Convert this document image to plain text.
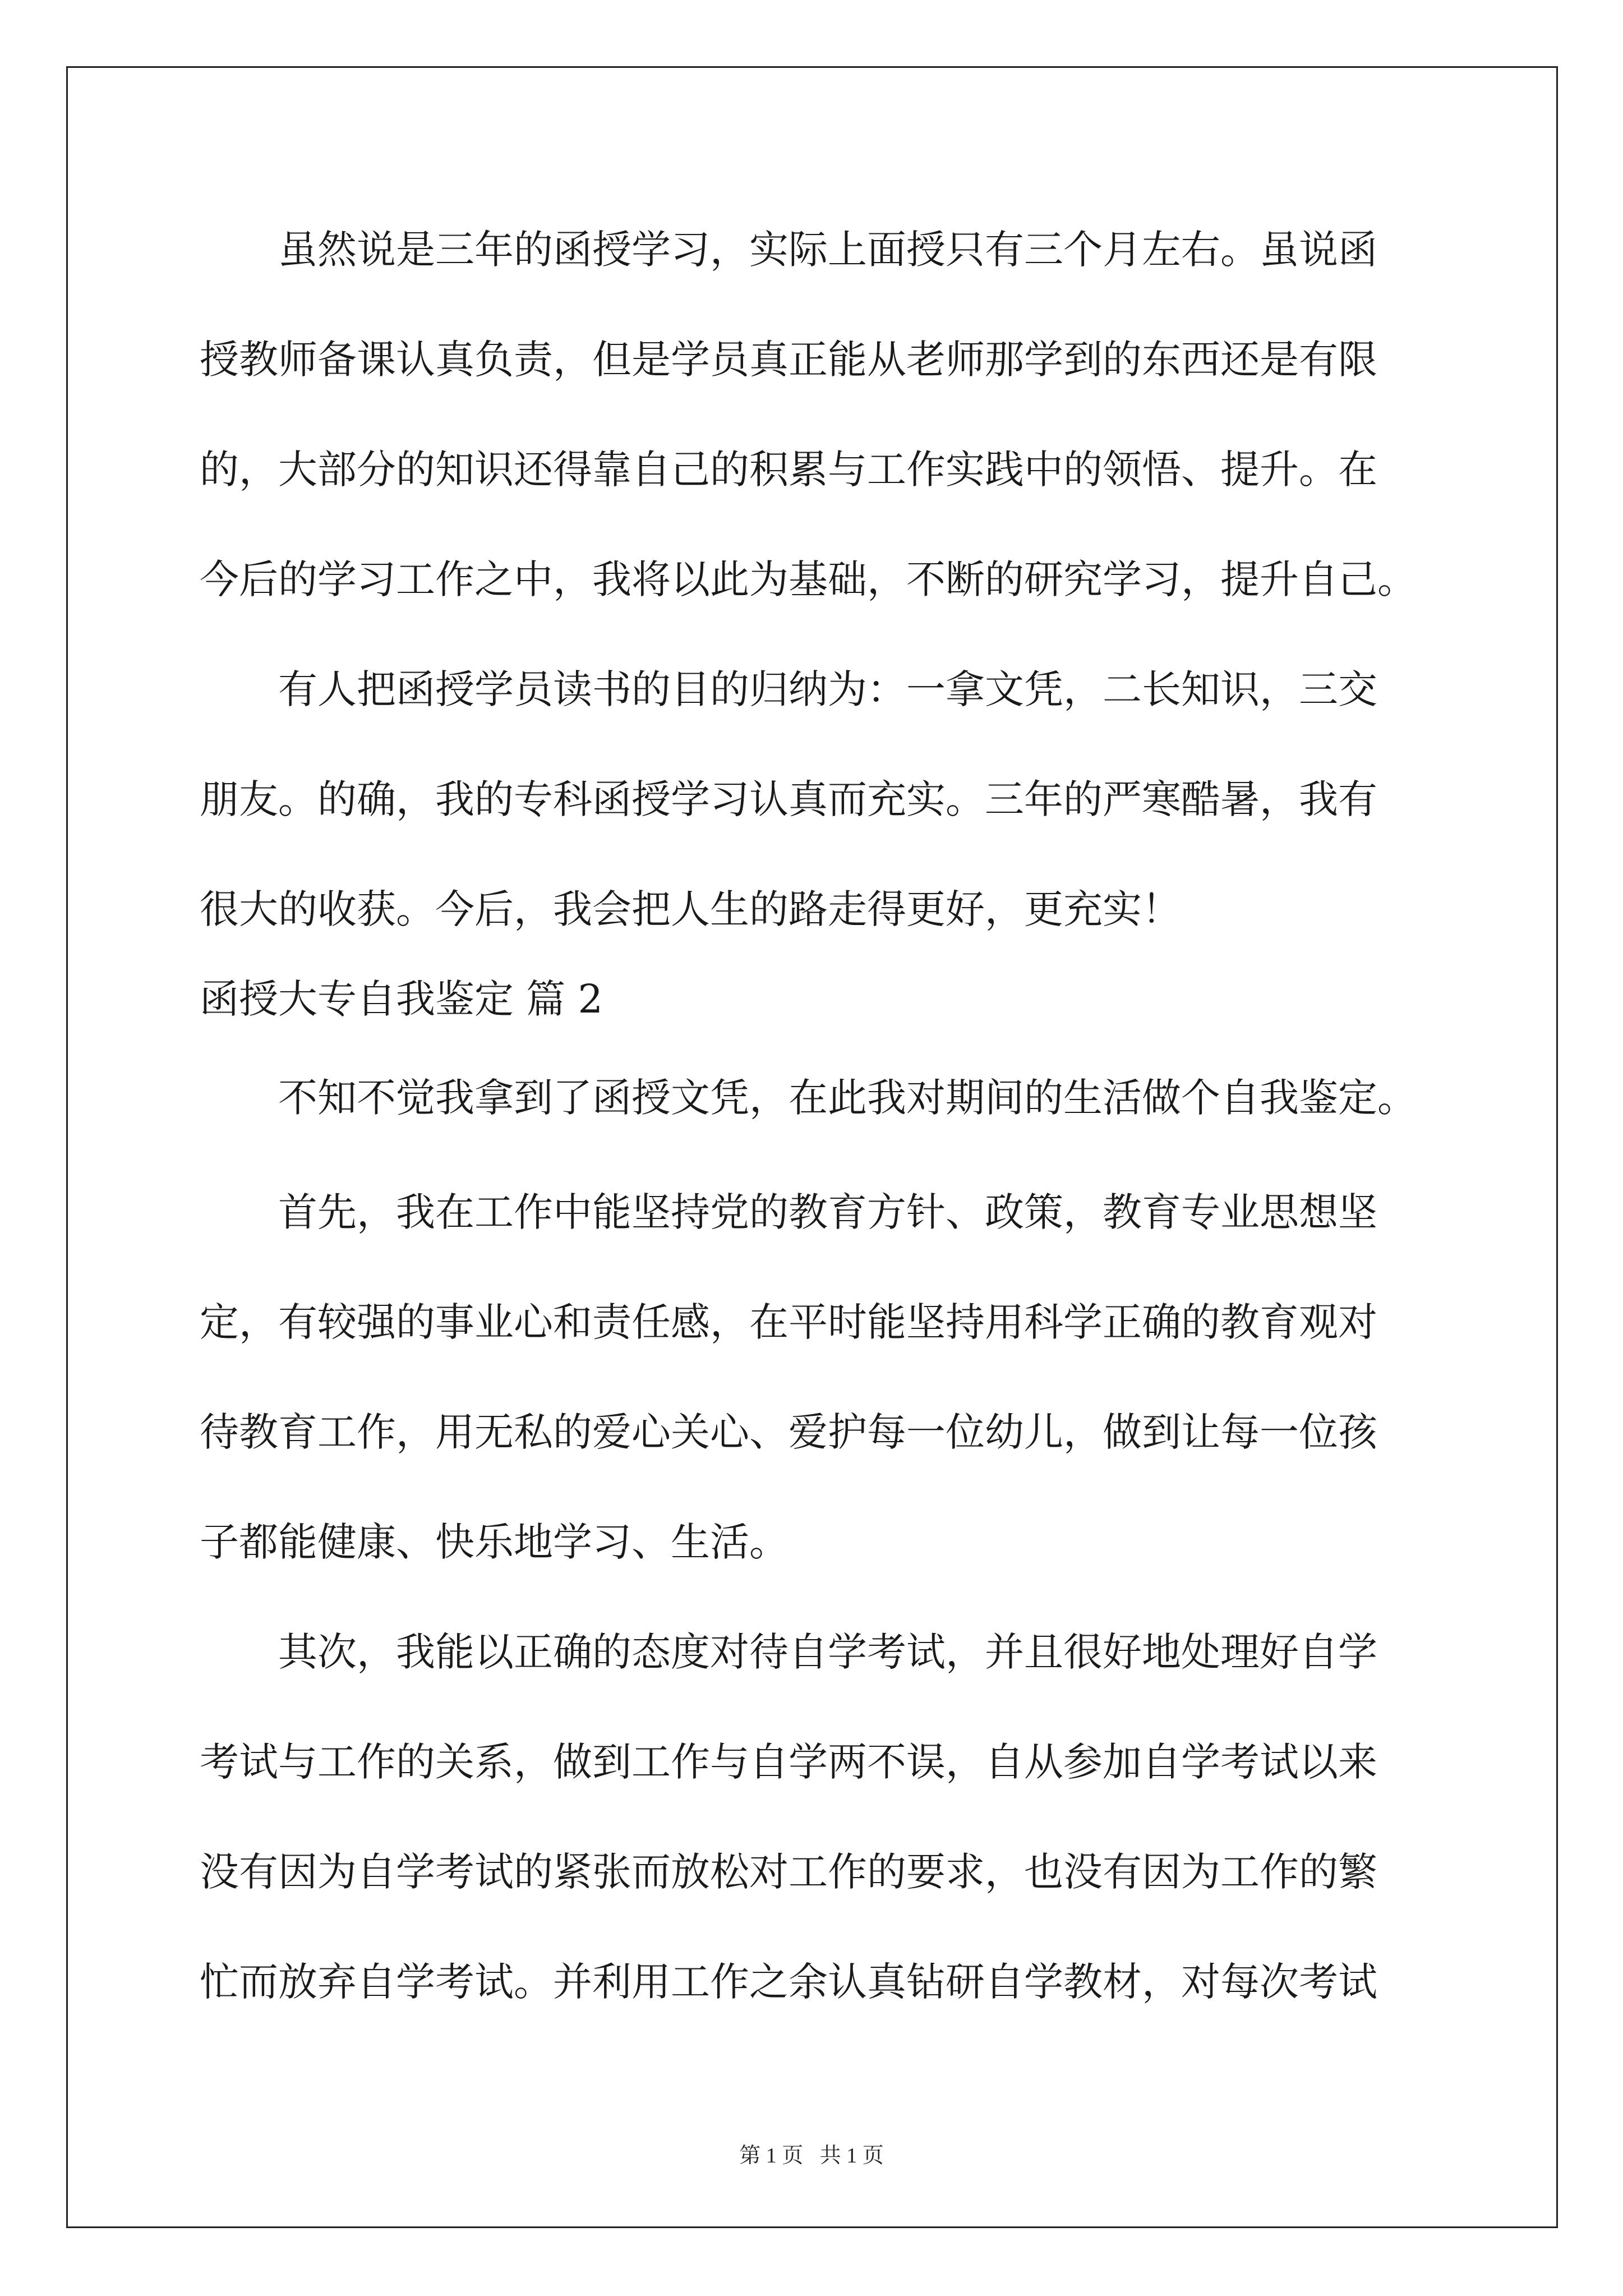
　　虽然说是三年的函授学习，实际上面授只有三个月左右。虽说函
授教师备课认真负责，但是学员真正能从老师那学到的东西还是有限
的，大部分的知识还得靠自己的积累与工作实践中的领悟、提升。在
今后的学习工作之中，我将以此为基础，不断的研究学习，提升自己。
　　有人把函授学员读书的目的归纳为：一拿文凭，二长知识，三交
朋友。的确，我的专科函授学习认真而充实。三年的严寒酷暑，我有
很大的收获。今后，我会把人生的路走得更好，更充实！
函授大专自我鉴定 篇 2
　　不知不觉我拿到了函授文凭，在此我对期间的生活做个自我鉴定。
　　首先，我在工作中能坚持党的教育方针、政策，教育专业思想坚
定，有较强的事业心和责任感，在平时能坚持用科学正确的教育观对
待教育工作，用无私的爱心关心、爱护每一位幼儿，做到让每一位孩
子都能健康、快乐地学习、生活。
　　其次，我能以正确的态度对待自学考试，并且很好地处理好自学
考试与工作的关系，做到工作与自学两不误，自从参加自学考试以来
没有因为自学考试的紧张而放松对工作的要求，也没有因为工作的繁
忙而放弃自学考试。并利用工作之余认真钻研自学教材，对每次考试
第 1 页 共 1 页
